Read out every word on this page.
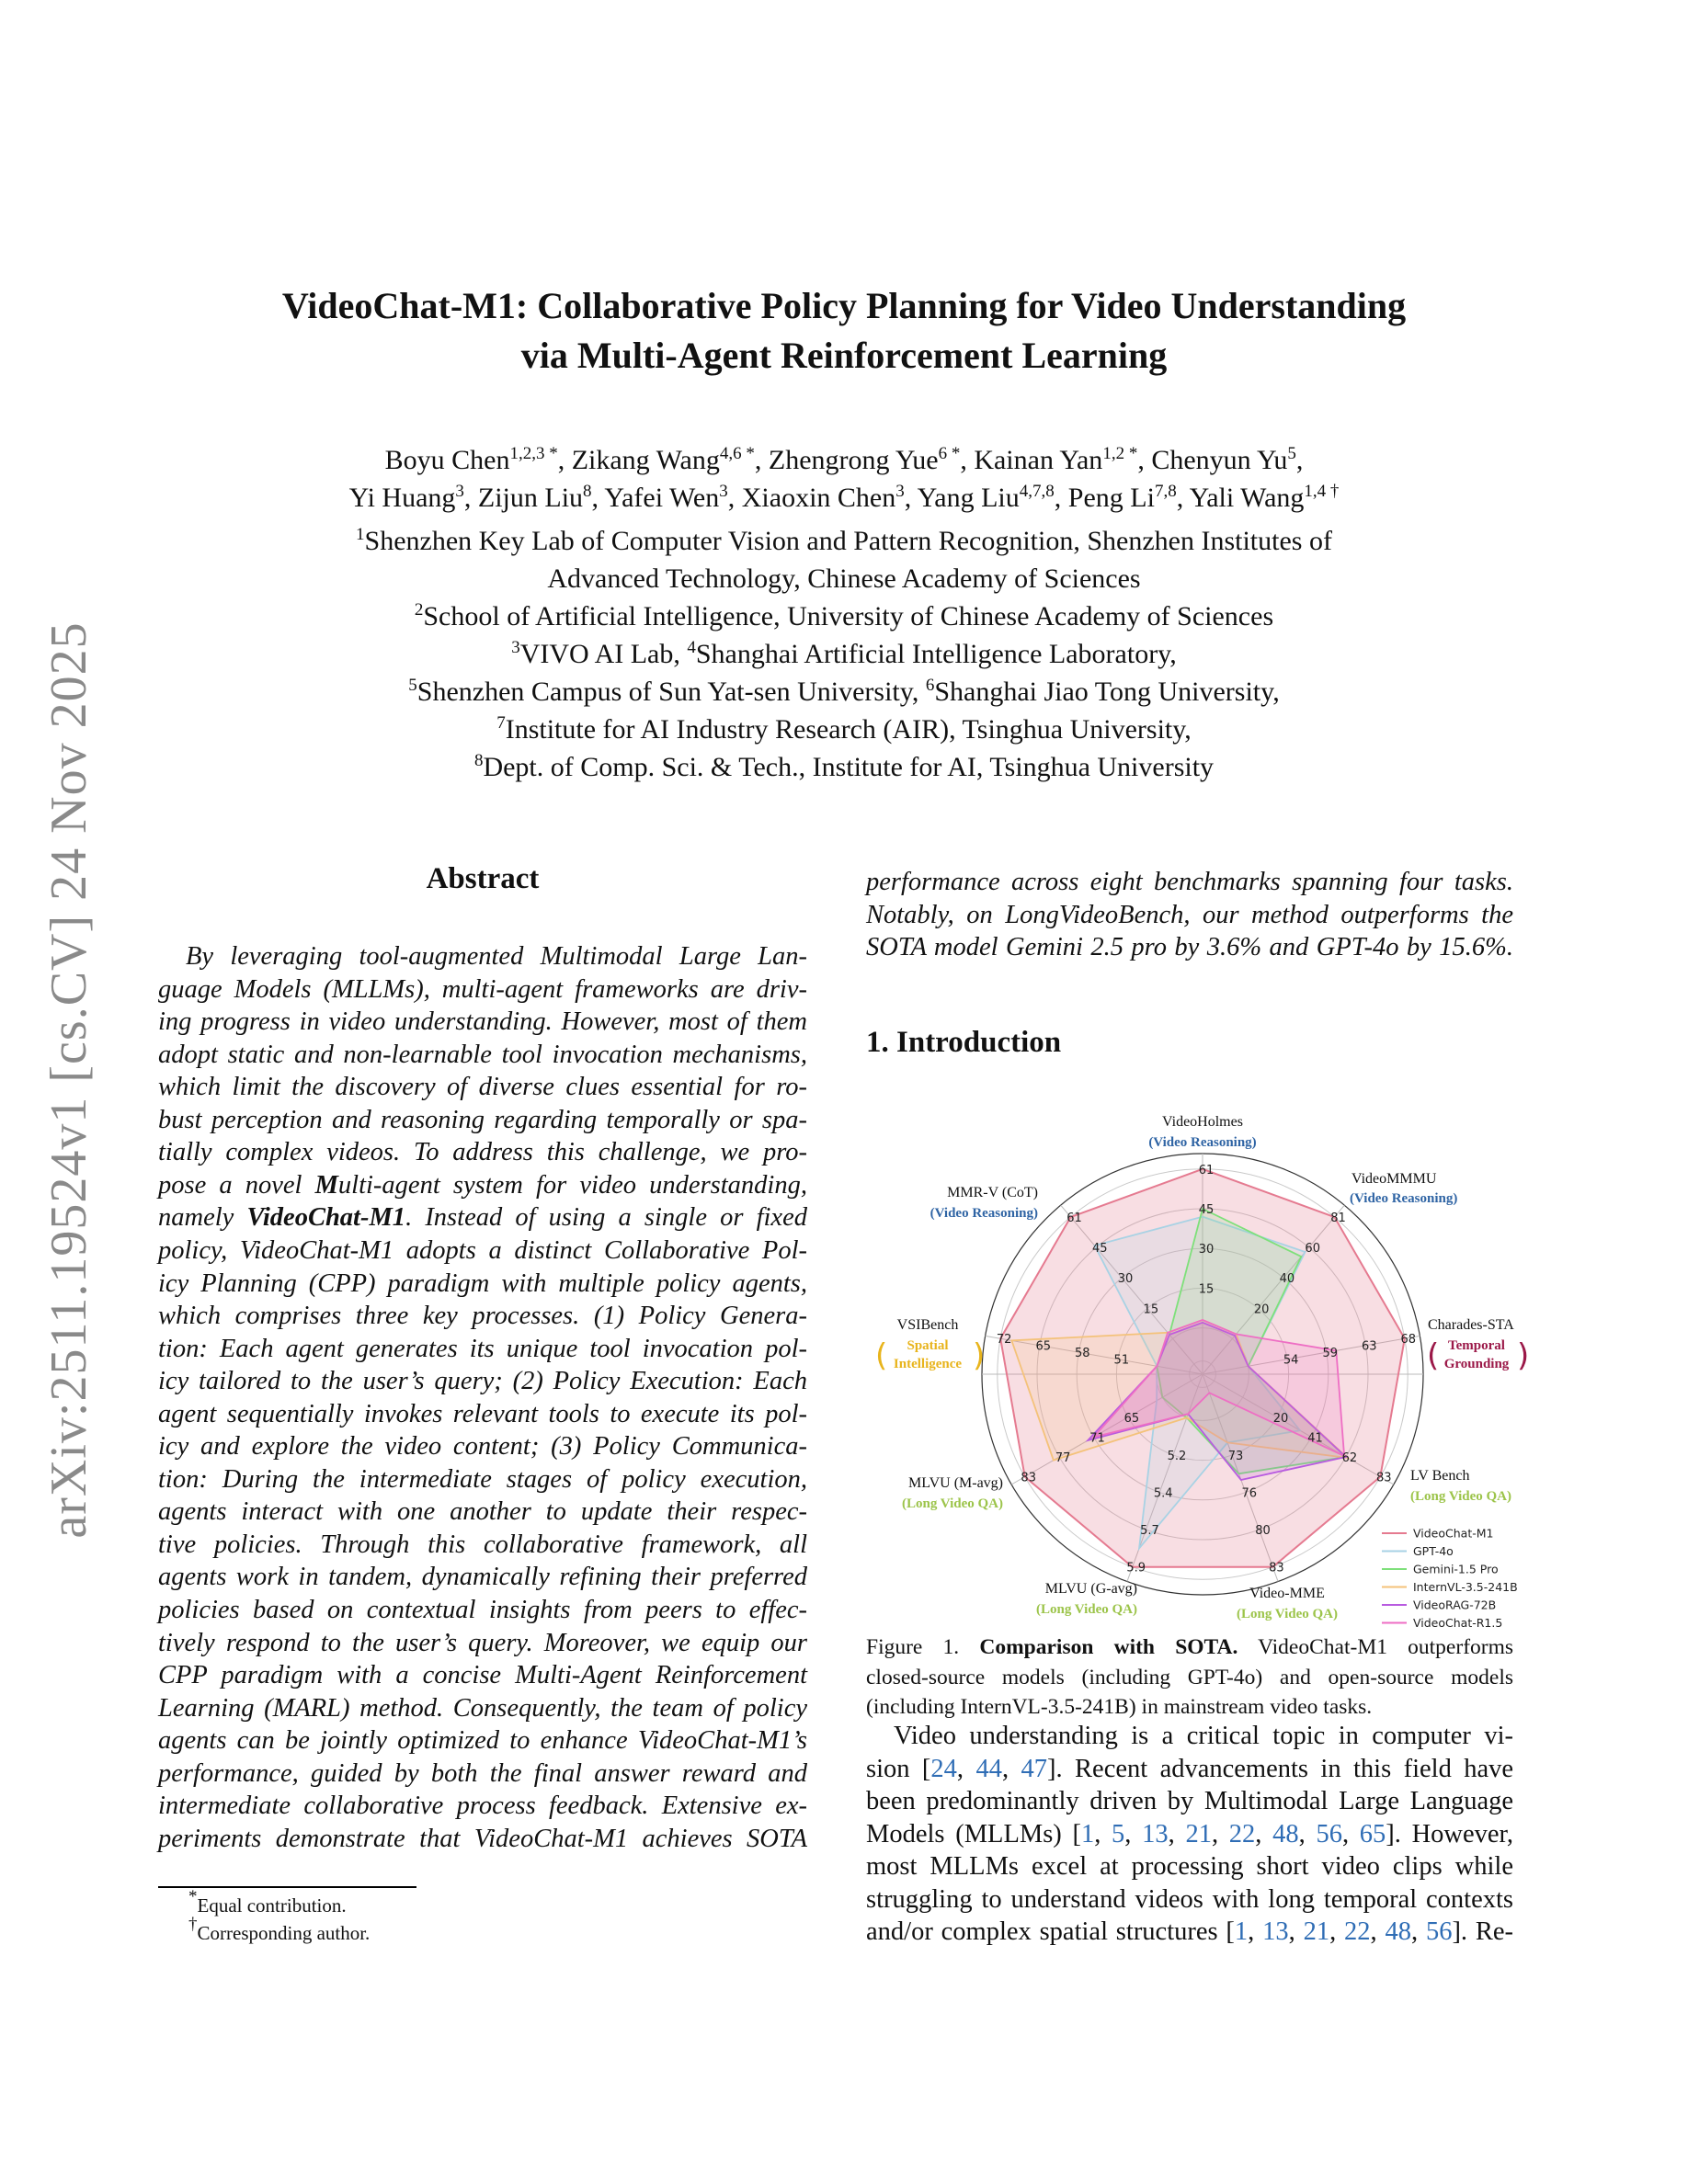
arXiv:2511.19524v1 [cs.CV] 24 Nov 2025
VideoChat-M1: Collaborative Policy Planning for Video Understanding
via Multi-Agent Reinforcement Learning
Boyu Chen$^{1,2,3 *}$, Zikang Wang$^{4,6 *}$, Zhengrong Yue$^{6 *}$, Kainan Yan$^{1,2 *}$, Chenyun Yu$^5$,
Yi Huang$^3$, Zijun Liu$^8$, Yafei Wen$^3$, Xiaoxin Chen$^3$, Yang Liu$^{4,7,8}$, Peng Li$^{7,8}$, Yali Wang$^{1,4 \dagger}$
$^1$Shenzhen Key Lab of Computer Vision and Pattern Recognition, Shenzhen Institutes of
Advanced Technology, Chinese Academy of Sciences
$^2$School of Artificial Intelligence, University of Chinese Academy of Sciences
$^3$VIVO AI Lab, $^4$Shanghai Artificial Intelligence Laboratory,
$^5$Shenzhen Campus of Sun Yat-sen University, $^6$Shanghai Jiao Tong University,
$^7$Institute for AI Industry Research (AIR), Tsinghua University,
$^8$Dept. of Comp. Sci. & Tech., Institute for AI, Tsinghua University
Abstract
By leveraging tool-augmented Multimodal Large Lan-
guage Models (MLLMs), multi-agent frameworks are driv-
ing progress in video understanding. However, most of them
adopt static and non-learnable tool invocation mechanisms,
which limit the discovery of diverse clues essential for ro-
bust perception and reasoning regarding temporally or spa-
tially complex videos. To address this challenge, we pro-
pose a novel Multi-agent system for video understanding,
namely VideoChat-M1. Instead of using a single or fixed
policy, VideoChat-M1 adopts a distinct Collaborative Pol-
icy Planning (CPP) paradigm with multiple policy agents,
which comprises three key processes. (1) Policy Genera-
tion: Each agent generates its unique tool invocation pol-
icy tailored to the user’s query; (2) Policy Execution: Each
agent sequentially invokes relevant tools to execute its pol-
icy and explore the video content; (3) Policy Communica-
tion: During the intermediate stages of policy execution,
agents interact with one another to update their respec-
tive policies. Through this collaborative framework, all
agents work in tandem, dynamically refining their preferred
policies based on contextual insights from peers to effec-
tively respond to the user’s query. Moreover, we equip our
CPP paradigm with a concise Multi-Agent Reinforcement
Learning (MARL) method. Consequently, the team of policy
agents can be jointly optimized to enhance VideoChat-M1’s
performance, guided by both the final answer reward and
intermediate collaborative process feedback. Extensive ex-
periments demonstrate that VideoChat-M1 achieves SOTA
performance across eight benchmarks spanning four tasks.
Notably, on LongVideoBench, our method outperforms the
SOTA model Gemini 2.5 pro by 3.6% and GPT-4o by 15.6%.
1. Introduction
15
30
45
61
20
40
60
81
54
59
63
68
20
41
62
83
73
76
80
83
5.2
5.4
5.7
5.9
65
71
77
83
51
58
65
72
15
30
45
61
VideoHolmes
(Video Reasoning)
VideoMMMU
(Video Reasoning)
Charades-STA
( Temporal
Grounding )
LV Bench
(Long Video QA)
Video-MME
(Long Video QA)
MLVU (G-avg)
(Long Video QA)
MLVU (M-avg)
(Long Video QA)
VSIBench
( Spatial
Intelligence )
MMR-V (CoT)
(Video Reasoning)
VideoChat-M1
GPT-4o
Gemini-1.5 Pro
InternVL-3.5-241B
VideoRAG-72B
VideoChat-R1.5
Figure 1. Comparison with SOTA. VideoChat-M1 outperforms
closed-source models (including GPT-4o) and open-source models
(including InternVL-3.5-241B) in mainstream video tasks.
Video understanding is a critical topic in computer vi-
sion [24, 44, 47]. Recent advancements in this field have
been predominantly driven by Multimodal Large Language
Models (MLLMs) [1, 5, 13, 21, 22, 48, 56, 65]. However,
most MLLMs excel at processing short video clips while
struggling to understand videos with long temporal contexts
and/or complex spatial structures [1, 13, 21, 22, 48, 56]. Re-
*Equal contribution.
†Corresponding author.
